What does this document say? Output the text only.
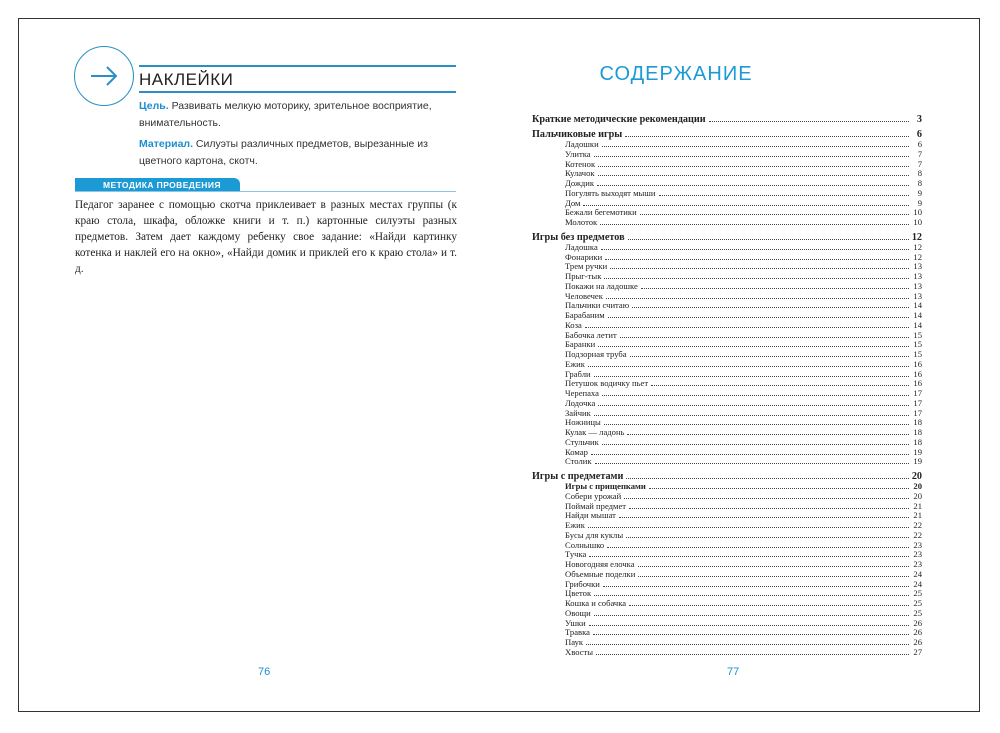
НАКЛЕЙКИ
Цель. Развивать мелкую моторику, зрительное восприятие, внимательность.
Материал. Силуэты различных предметов, вырезанные из цветного картона, скотч.
МЕТОДИКА ПРОВЕДЕНИЯ
Педагог заранее с помощью скотча приклеивает в разных местах группы (к краю стола, шкафа, обложке книги и т. п.) картонные силуэты разных предметов. Затем дает каждому ребенку свое задание: «Найди картинку котенка и наклей его на окно», «Найди домик и приклей его к краю стола» и т. д.
76
СОДЕРЖАНИЕ
Краткие методические рекомендации	3
Пальчиковые игры	6
Ладошки	6
Улитка	7
Котенок	7
Кулачок	8
Дождик	8
Погулять выходят мыши	9
Дом	9
Бежали бегемотики	10
Молоток	10
Игры без предметов	12
Ладошка	12
Фонарики	12
Трем ручки	13
Прыг-тык	13
Покажи на ладошке	13
Человечек	13
Пальчики считаю	14
Барабаним	14
Коза	14
Бабочка летит	15
Баранки	15
Подзорная труба	15
Ежик	16
Грабли	16
Петушок водичку пьет	16
Черепаха	17
Лодочка	17
Зайчик	17
Ножницы	18
Кулак — ладонь	18
Стульчик	18
Комар	19
Столик	19
Игры с предметами	20
Игры с прищепками	20
Собери урожай	20
Поймай предмет	21
Найди мышат	21
Ежик	22
Бусы для куклы	22
Солнышко	23
Тучка	23
Новогодняя елочка	23
Объемные поделки	24
Грибочки	24
Цветок	25
Кошка и собачка	25
Овощи	25
Ушки	26
Травка	26
Паук	26
Хвосты	27
77
